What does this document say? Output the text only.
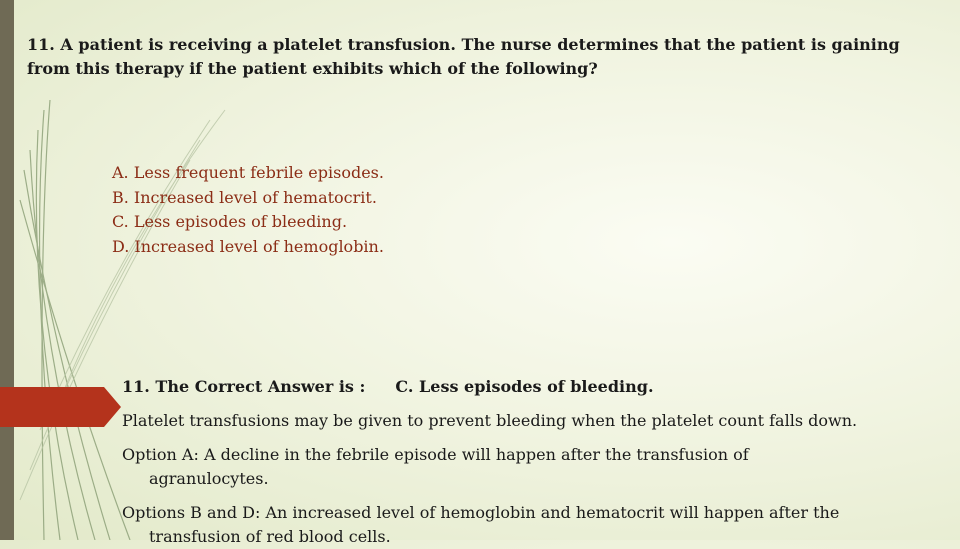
11. A patient is receiving a platelet transfusion. The nurse determines that the patient is gaining
from this therapy if the patient exhibits which of the following?
A. Less frequent febrile episodes.
B. Increased level of hematocrit.
C. Less episodes of bleeding.
D. Increased level of hemoglobin.
11. The Correct Answer is : C. Less episodes of bleeding.
Platelet transfusions may be given to prevent bleeding when the platelet count falls down.
Option A: A decline in the febrile episode will happen after the transfusion of
agranulocytes.
Options B and D: An increased level of hemoglobin and hematocrit will happen after the
transfusion of red blood cells.
